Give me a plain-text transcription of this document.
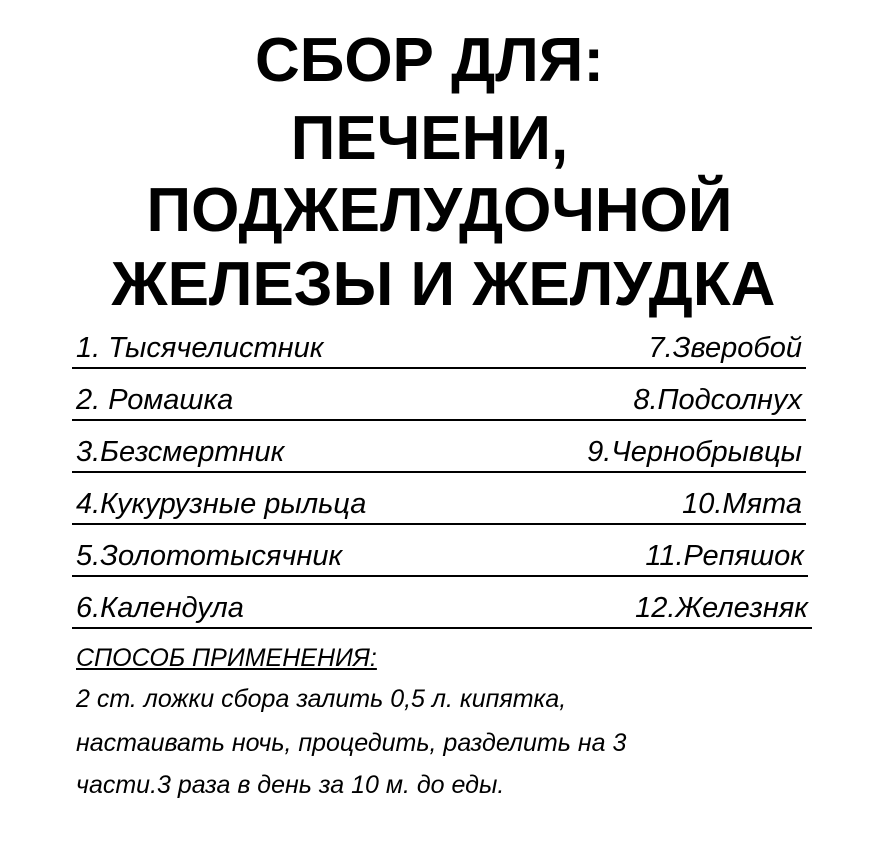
СБОР ДЛЯ:
ПЕЧЕНИ,
ПОДЖЕЛУДОЧНОЙ
ЖЕЛЕЗЫ И ЖЕЛУДКА
1. Тысячелистник	7.Зверобой
2. Ромашка	8.Подсолнух
3.Безсмертник	9.Чернобрывцы
4.Кукурузные рыльца	10.Мята
5.Золототысячник	11.Репяшок
6.Календула	12.Железняк
СПОСОБ ПРИМЕНЕНИЯ:
2 ст. ложки сбора залить 0,5 л. кипятка,
настаивать ночь, процедить, разделить на 3
части.3 раза в день за 10 м. до еды.
